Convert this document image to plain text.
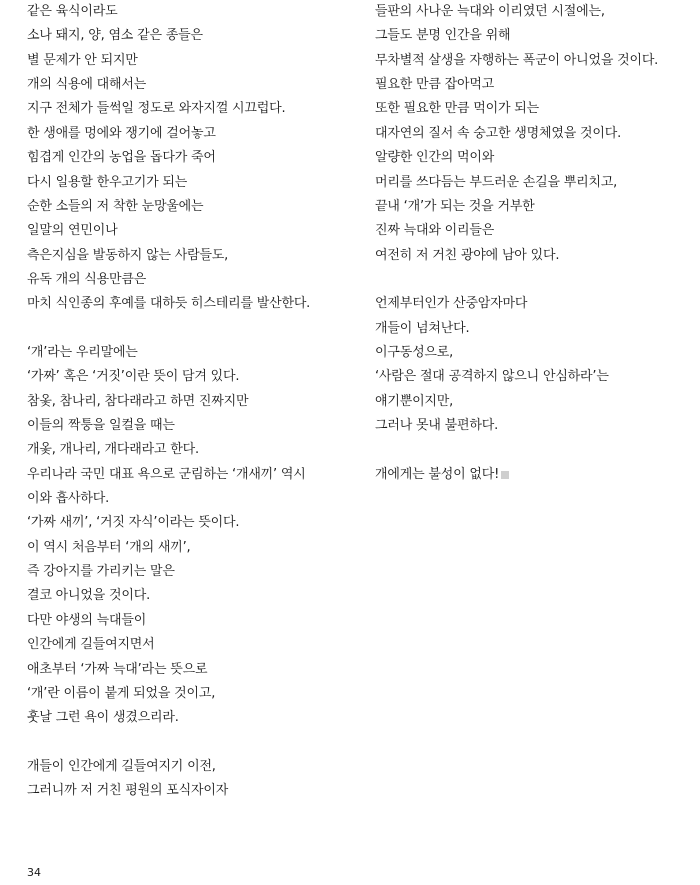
같은 육식이라도
소나 돼지, 양, 염소 같은 종들은
별 문제가 안 되지만
개의 식용에 대해서는
지구 전체가 들썩일 정도로 와자지껄 시끄럽다.
한 생애를 멍에와 쟁기에 걸어놓고
힘겹게 인간의 농업을 돕다가 죽어
다시 일용할 한우고기가 되는
순한 소들의 저 착한 눈망울에는
일말의 연민이나
측은지심을 발동하지 않는 사람들도,
유독 개의 식용만큼은
마치 식인종의 후예를 대하듯 히스테리를 발산한다.
‘개’라는 우리말에는
‘가짜’ 혹은 ‘거짓’이란 뜻이 담겨 있다.
참옻, 참나리, 참다래라고 하면 진짜지만
이들의 짝퉁을 일컬을 때는
개옻, 개나리, 개다래라고 한다.
우리나라 국민 대표 욕으로 군림하는 ‘개새끼’ 역시
이와 흡사하다.
‘가짜 새끼’, ‘거짓 자식’이라는 뜻이다.
이 역시 처음부터 ‘개의 새끼’,
즉 강아지를 가리키는 말은
결코 아니었을 것이다.
다만 야생의 늑대들이
인간에게 길들여지면서
애초부터 ‘가짜 늑대’라는 뜻으로
‘개’란 이름이 붙게 되었을 것이고,
훗날 그런 욕이 생겼으리라.
개들이 인간에게 길들여지기 이전,
그러니까 저 거친 평원의 포식자이자
들판의 사나운 늑대와 이리였던 시절에는,
그들도 분명 인간을 위해
무차별적 살생을 자행하는 폭군이 아니었을 것이다.
필요한 만큼 잡아먹고
또한 필요한 만큼 먹이가 되는
대자연의 질서 속 숭고한 생명체였을 것이다.
알량한 인간의 먹이와
머리를 쓰다듬는 부드러운 손길을 뿌리치고,
끝내 ‘개’가 되는 것을 거부한
진짜 늑대와 이리들은
여전히 저 거친 광야에 남아 있다.
언제부터인가 산중암자마다
개들이 넘쳐난다.
이구동성으로,
‘사람은 절대 공격하지 않으니 안심하라’는
얘기뿐이지만,
그러나 못내 불편하다.
개에게는 불성이 없다!
34
